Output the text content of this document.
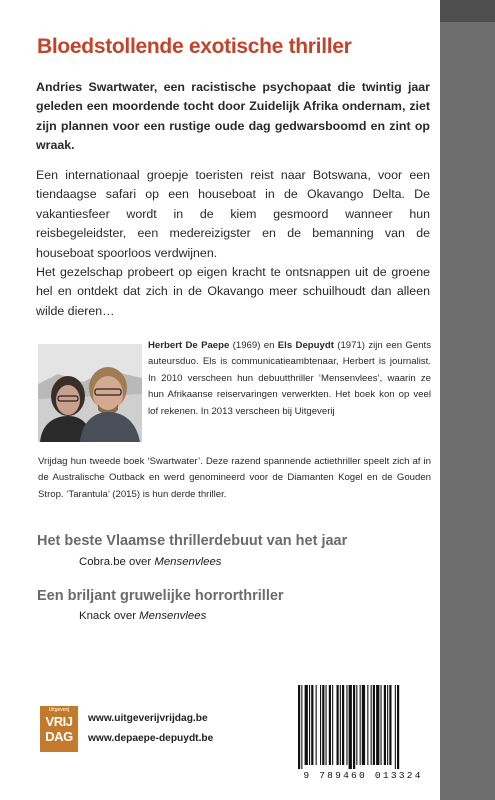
Bloedstollende exotische thriller

Andries Swartwater, een racistische psychopaat die twintig jaar geleden een moordende tocht door Zuidelijk Afrika ondernam, ziet zijn plannen voor een rustige oude dag gedwarsboomd en zint op wraak.

Een internationaal groepje toeristen reist naar Botswana, voor een tiendaagse safari op een houseboat in de Okavango Delta. De vakantiesfeer wordt in de kiem gesmoord wanneer hun reisbegeleidster, een medereizigster en de bemanning van de houseboat spoorloos verdwijnen.

Het gezelschap probeert op eigen kracht te ontsnappen uit de groene hel en ontdekt dat zich in de Okavango meer schuilhoudt dan alleen wilde dieren…

Herbert De Paepe (1969) en Els Depuydt (1971) zijn een Gents auteursduo. Els is communicatieambtenaar, Herbert is journalist. In 2010 verscheen hun debuutthriller ‘Mensenvlees’, waarin ze hun Afrikaanse reiservaringen verwerkten. Het boek kon op veel lof rekenen. In 2013 verscheen bij Uitgeverij

Vrijdag hun tweede boek ‘Swartwater’. Deze razend spannende actiethriller speelt zich af in de Australische Outback en werd genomineerd voor de Diamanten Kogel en de Gouden Strop. ‘Tarantula’ (2015) is hun derde thriller.

Het beste Vlaamse thrillerdebuut van het jaar
Cobra.be over Mensenvlees
Een briljant gruwelijke horrorthriller
Knack over Mensenvlees
Uitgeverij
VRIJ
DAG
www.uitgeverijvrijdag.be
www.depaepe-depuydt.be
9 789460 013324
